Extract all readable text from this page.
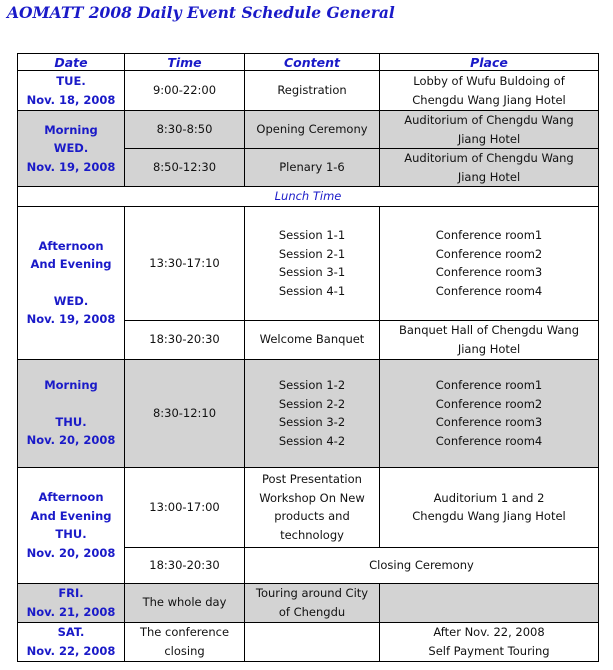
AOMATT 2008 Daily Event Schedule General
Date	Time	Content	Place

TUE.
Nov. 18, 2008	9:00-22:00	Registration	Lobby of Wufu Buldoing of
Chengdu Wang Jiang Hotel

Morning
WED.
Nov. 19, 2008	8:30-8:50	Opening Ceremony	Auditorium of Chengdu Wang
Jiang Hotel

	8:50-12:30	Plenary 1-6	Auditorium of Chengdu Wang
Jiang Hotel

Lunch Time			

Afternoon
And Evening
WED.
Nov. 19, 2008	13:30-17:10	Session 1-1
Session 2-1
Session 3-1
Session 4-1	Conference room1
Conference room2
Conference room3
Conference room4

	18:30-20:30	Welcome Banquet	Banquet Hall of Chengdu Wang
Jiang Hotel

Morning
THU.
Nov. 20, 2008	8:30-12:10	Session 1-2
Session 2-2
Session 3-2
Session 4-2	Conference room1
Conference room2
Conference room3
Conference room4

Afternoon
And Evening
THU.
Nov. 20, 2008	13:00-17:00	Post Presentation
Workshop On New
products and
technology	Auditorium 1 and 2
Chengdu Wang Jiang Hotel

	18:30-20:30	Closing Ceremony	

FRI.
Nov. 21, 2008	The whole day	Touring around City
of Chengdu	

SAT.
Nov. 22, 2008	The conference
closing		After Nov. 22, 2008
Self Payment Touring
